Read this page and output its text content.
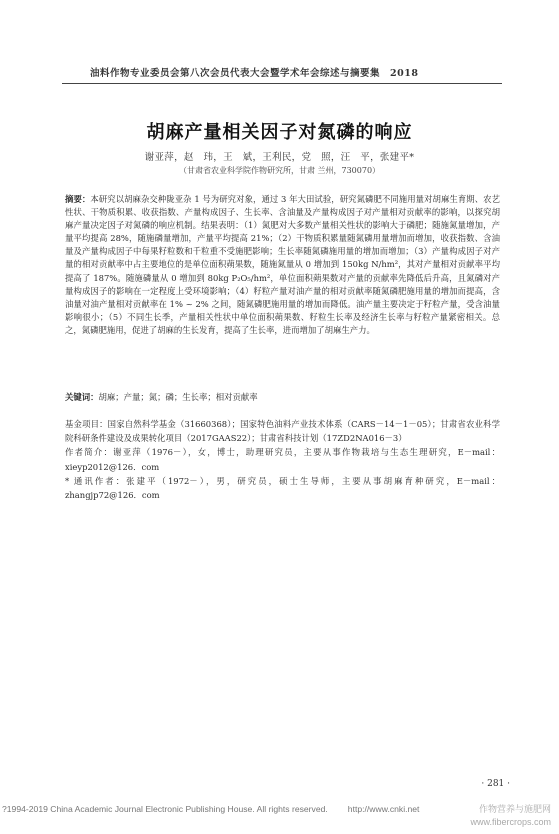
油料作物专业委员会第八次会员代表大会暨学术年会综述与摘要集　2018
胡麻产量相关因子对氮磷的响应
谢亚萍，赵　玮，王　斌，王利民，党　照，汪　平，张建平*
（甘肃省农业科学院作物研究所，甘肃 兰州，730070）
摘要：本研究以胡麻杂交种陇亚杂 1 号为研究对象，通过 3 年大田试验，研究氮磷肥不同施用量对胡麻生育期、农艺性状、干物质积累、收获指数、产量构成因子、生长率、含油量及产量构成因子对产量相对贡献率的影响，以探究胡麻产量决定因子对氮磷的响应机制。结果表明：（1）氮肥对大多数产量相关性状的影响大于磷肥；随施氮量增加，产量平均提高 28%，随施磷量增加，产量平均提高 21%；（2）干物质积累量随氮磷用量增加而增加，收获指数、含油量及产量构成因子中每果籽粒数和千粒重不受施肥影响；生长率随氮磷施用量的增加而增加；（3）产量构成因子对产量的相对贡献率中占主要地位的是单位面积蒴果数，随施氮量从 0 增加到 150kg N/hm²，其对产量相对贡献率平均提高了 187%。随施磷量从 0 增加到 80kg P₂O₅/hm²，单位面积蒴果数对产量的贡献率先降低后升高，且氮磷对产量构成因子的影响在一定程度上受环境影响；（4）籽粒产量对油产量的相对贡献率随氮磷肥施用量的增加而提高，含油量对油产量相对贡献率在 1% ~ 2% 之间，随氮磷肥施用量的增加而降低。油产量主要决定于籽粒产量，受含油量影响很小；（5）不同生长季，产量相关性状中单位面积蒴果数、籽粒生长率及经济生长率与籽粒产量紧密相关。总之，氮磷肥施用，促进了胡麻的生长发育，提高了生长率，进而增加了胡麻生产力。
关键词：胡麻；产量；氮；磷；生长率；相对贡献率

基金项目：国家自然科学基金（31660368）；国家特色油料产业技术体系（CARS－14－1－05）；甘肃省农业科学院科研条件建设及成果转化项目（2017GAAS22）；甘肃省科技计划（17ZD2NA016－3）

作者简介：谢亚萍（1976－），女，博士，助理研究员，主要从事作物栽培与生态生理研究，E－mail：xieyp2012@126．com

* 通讯作者：张建平（1972－），男，研究员，硕士生导师，主要从事胡麻育种研究，E－mail：zhangjp72@126．com

· 281 ·
?1994-2019 China Academic Journal Electronic Publishing House. All rights reserved. http://www.cnki.net	作物营养与施肥网
www.fibercrops.com
